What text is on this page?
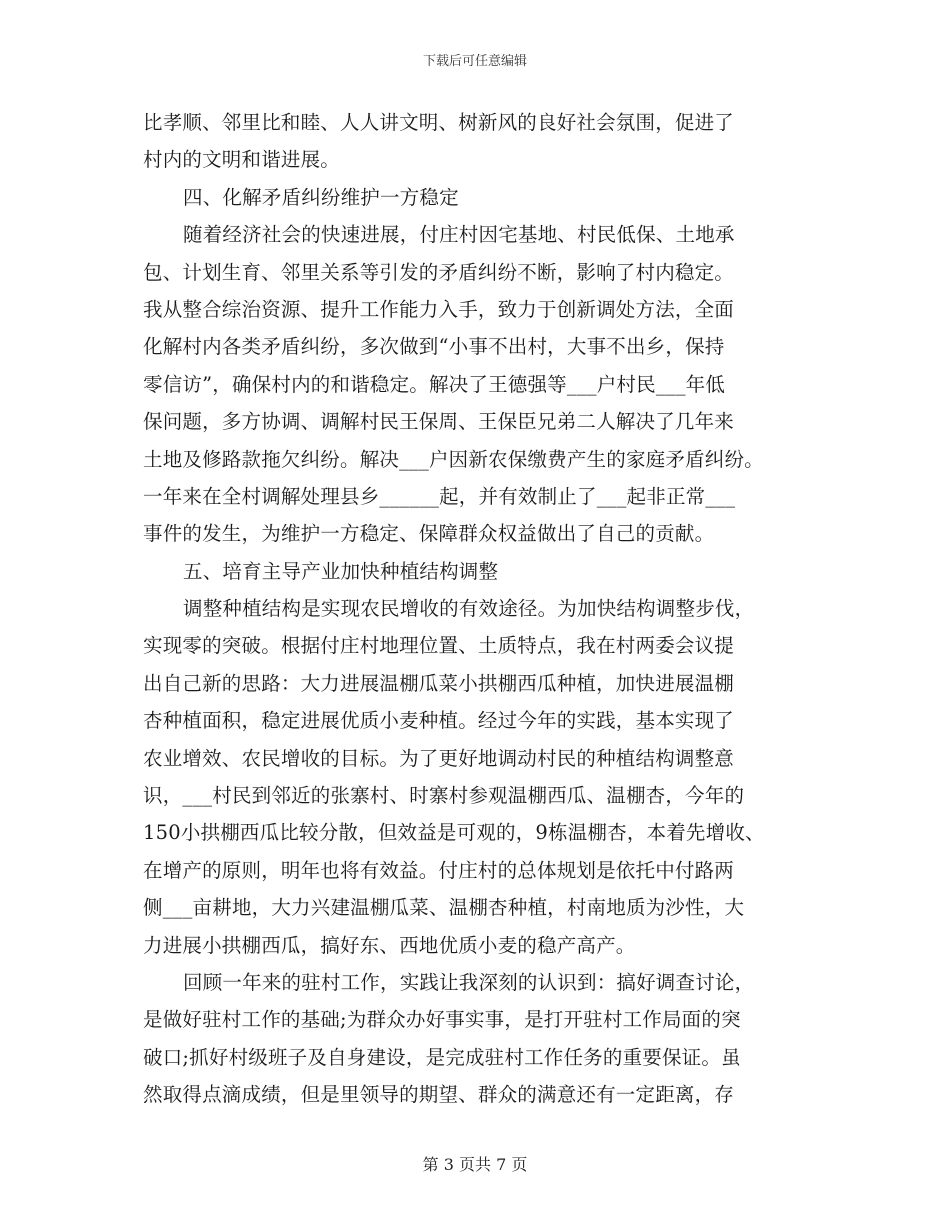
下载后可任意编辑
比孝顺、邻里比和睦、人人讲文明、树新风的良好社会氛围，促进了
村内的文明和谐进展。
四、化解矛盾纠纷维护一方稳定
随着经济社会的快速进展，付庄村因宅基地、村民低保、土地承
包、计划生育、邻里关系等引发的矛盾纠纷不断，影响了村内稳定。
我从整合综治资源、提升工作能力入手，致力于创新调处方法，全面
化解村内各类矛盾纠纷，多次做到“小事不出村，大事不出乡，保持
零信访”，确保村内的和谐稳定。解决了王德强等___户村民___年低
保问题，多方协调、调解村民王保周、王保臣兄弟二人解决了几年来
土地及修路款拖欠纠纷。解决___户因新农保缴费产生的家庭矛盾纠纷。
一年来在全村调解处理县乡______起，并有效制止了___起非正常___
事件的发生，为维护一方稳定、保障群众权益做出了自己的贡献。
五、培育主导产业加快种植结构调整
调整种植结构是实现农民增收的有效途径。为加快结构调整步伐，
实现零的突破。根据付庄村地理位置、土质特点，我在村两委会议提
出自己新的思路：大力进展温棚瓜菜小拱棚西瓜种植，加快进展温棚
杏种植面积，稳定进展优质小麦种植。经过今年的实践，基本实现了
农业增效、农民增收的目标。为了更好地调动村民的种植结构调整意
识，___村民到邻近的张寨村、时寨村参观温棚西瓜、温棚杏，今年的
150小拱棚西瓜比较分散，但效益是可观的，9栋温棚杏，本着先增收、
在增产的原则，明年也将有效益。付庄村的总体规划是依托中付路两
侧___亩耕地，大力兴建温棚瓜菜、温棚杏种植，村南地质为沙性，大
力进展小拱棚西瓜，搞好东、西地优质小麦的稳产高产。
回顾一年来的驻村工作，实践让我深刻的认识到：搞好调查讨论，
是做好驻村工作的基础;为群众办好事实事，是打开驻村工作局面的突
破口;抓好村级班子及自身建设，是完成驻村工作任务的重要保证。虽
然取得点滴成绩，但是里领导的期望、群众的满意还有一定距离，存
第 3 页共 7 页
